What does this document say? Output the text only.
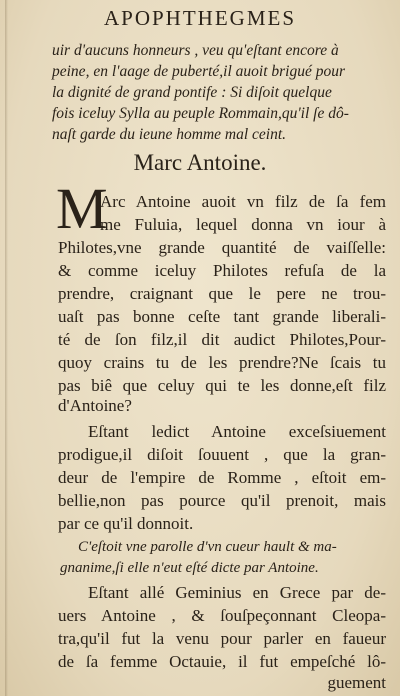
APOPHTHEGMES
uir d'aucuns honneurs , veu qu'eſtant encore à
peine, en l'aage de puberté,il auoit brigué pour
la dignité de grand pontife : Si diſoit quelque
fois iceluy Sylla au peuple Rommain,qu'il ſe dô-
naſt garde du ieune homme mal ceint.
Marc Antoine.
M
Arc Antoine auoit vn filz de ſa fem
me Fuluia, lequel donna vn iour à
Philotes,vne grande quantité de vaiſſelle:
& comme iceluy Philotes refuſa de la
prendre, craignant que le pere ne trou-
uaſt pas bonne ceſte tant grande liberali-
té de ſon filz,il dit audict Philotes,Pour-
quoy crains tu de les prendre?Ne ſcais tu
pas biê que celuy qui te les donne,eſt filz
d'Antoine?
Eſtant ledict Antoine exceſsiuement
prodigue,il diſoit ſouuent , que la gran-
deur de l'empire de Romme , eſtoit em-
bellie,non pas pource qu'il prenoit, mais
par ce qu'il donnoit.
C'eſtoit vne parolle d'vn cueur hault & ma-
gnanime,ſi elle n'eut eſté dicte par Antoine.
Eſtant allé Geminius en Grece par de-
uers Antoine , & ſouſpeçonnant Cleopa-
tra,qu'il fut la venu pour parler en faueur
de ſa femme Octauie, il fut empeſché lô-
guement
